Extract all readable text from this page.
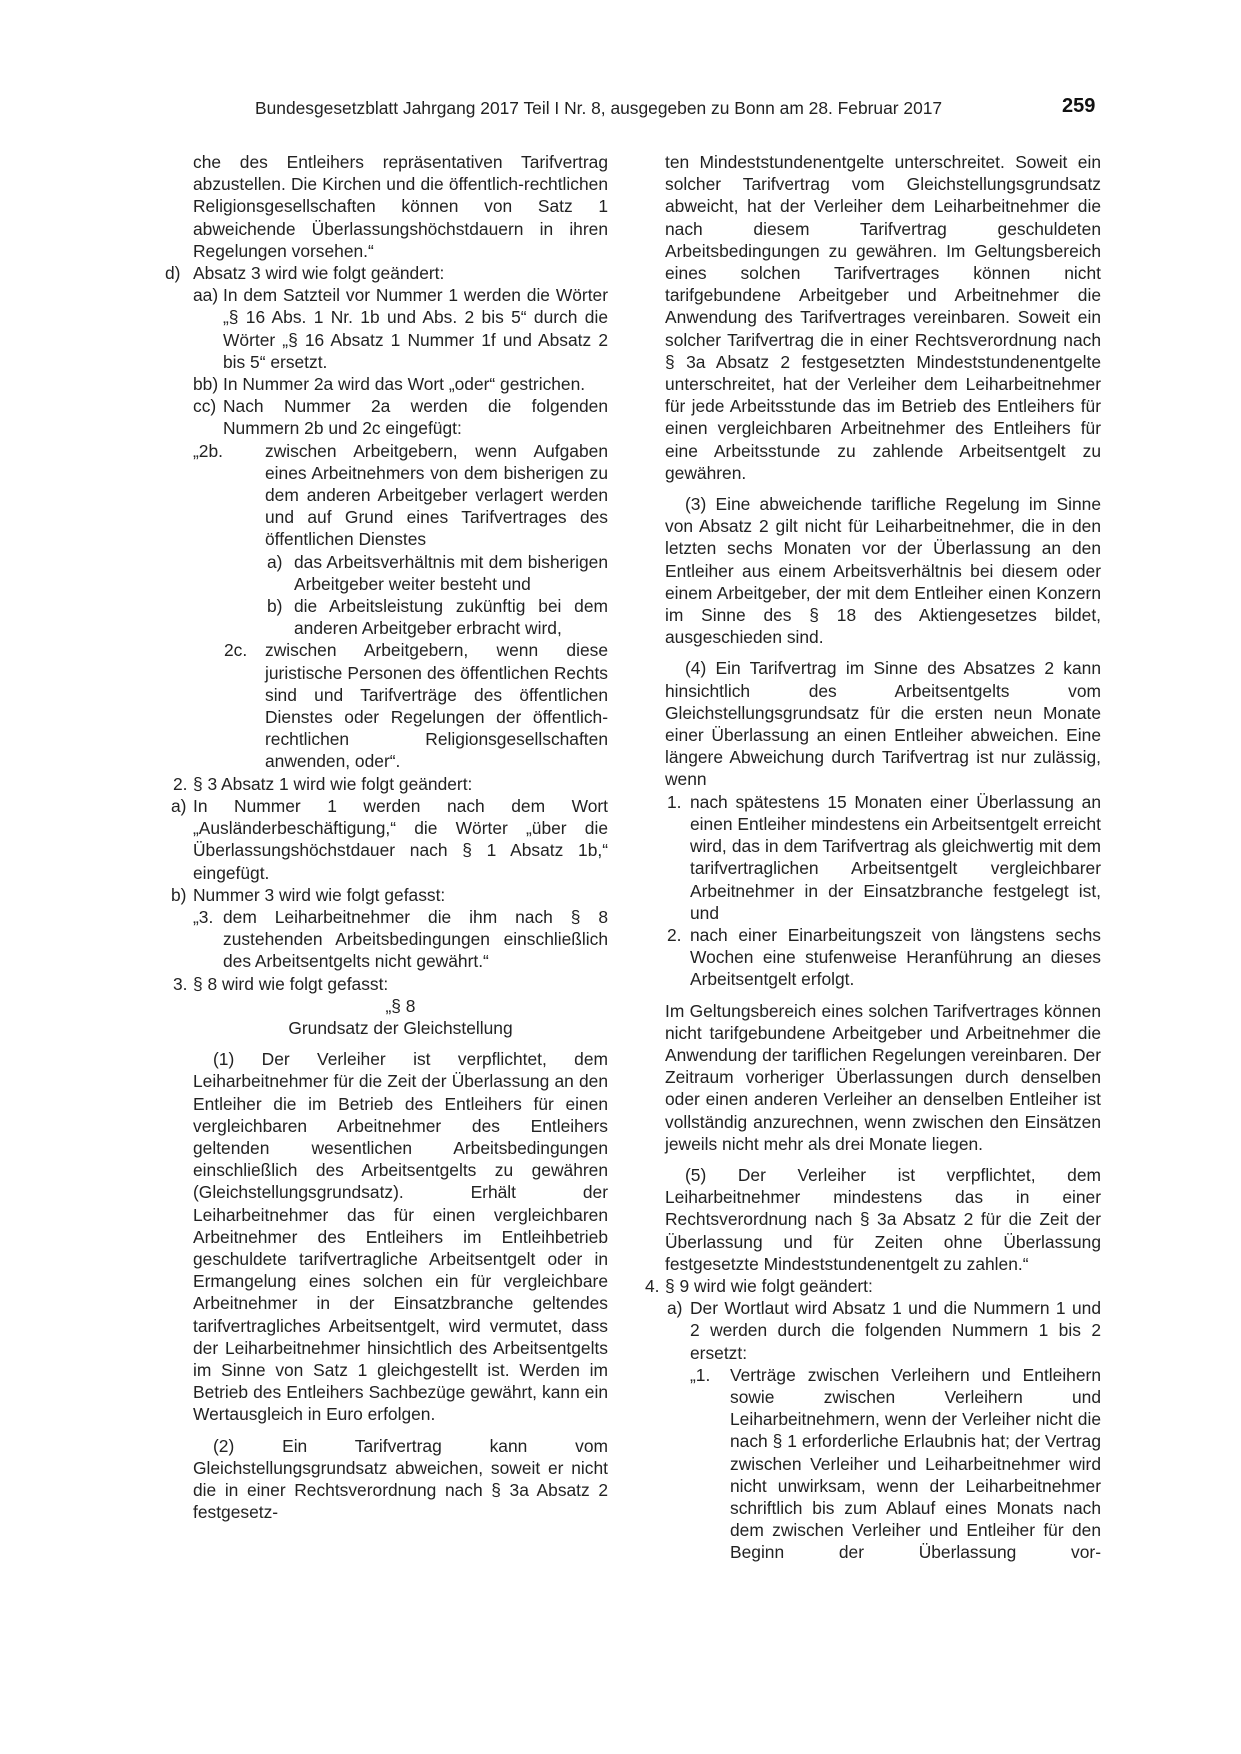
Bundesgesetzblatt Jahrgang 2017 Teil I Nr. 8, ausgegeben zu Bonn am 28. Februar 2017	259

che des Entleihers repräsentativen Tarifvertrag abzustellen. Die Kirchen und die öffentlich-rechtlichen Religionsgesellschaften können von Satz 1 abweichende Überlassungshöchstdauern in ihren Regelungen vorsehen.“

d) Absatz 3 wird wie folgt geändert:
aa) In dem Satzteil vor Nummer 1 werden die Wörter „§ 16 Abs. 1 Nr. 1b und Abs. 2 bis 5“ durch die Wörter „§ 16 Absatz 1 Nummer 1f und Absatz 2 bis 5“ ersetzt.
bb) In Nummer 2a wird das Wort „oder“ gestrichen.
cc) Nach Nummer 2a werden die folgenden Nummern 2b und 2c eingefügt:
„2b. zwischen Arbeitgebern, wenn Aufgaben eines Arbeitnehmers von dem bisherigen zu dem anderen Arbeitgeber verlagert werden und auf Grund eines Tarifvertrages des öffentlichen Dienstes
a) das Arbeitsverhältnis mit dem bisherigen Arbeitgeber weiter besteht und
b) die Arbeitsleistung zukünftig bei dem anderen Arbeitgeber erbracht wird,
2c. zwischen Arbeitgebern, wenn diese juristische Personen des öffentlichen Rechts sind und Tarifverträge des öffentlichen Dienstes oder Regelungen der öffentlich-rechtlichen Religionsgesellschaften anwenden, oder“.
2. § 3 Absatz 1 wird wie folgt geändert:
a) In Nummer 1 werden nach dem Wort „Ausländerbeschäftigung,“ die Wörter „über die Überlassungshöchstdauer nach § 1 Absatz 1b,“ eingefügt.
b) Nummer 3 wird wie folgt gefasst:
„3. dem Leiharbeitnehmer die ihm nach § 8 zustehenden Arbeitsbedingungen einschließlich des Arbeitsentgelts nicht gewährt.“
3. § 8 wird wie folgt gefasst:

„§ 8

Grundsatz der Gleichstellung

(1) Der Verleiher ist verpflichtet, dem Leiharbeitnehmer für die Zeit der Überlassung an den Entleiher die im Betrieb des Entleihers für einen vergleichbaren Arbeitnehmer des Entleihers geltenden wesentlichen Arbeitsbedingungen einschließlich des Arbeitsentgelts zu gewähren (Gleichstellungsgrundsatz). Erhält der Leiharbeitnehmer das für einen vergleichbaren Arbeitnehmer des Entleihers im Entleihbetrieb geschuldete tarifvertragliche Arbeitsentgelt oder in Ermangelung eines solchen ein für vergleichbare Arbeitnehmer in der Einsatzbranche geltendes tarifvertragliches Arbeitsentgelt, wird vermutet, dass der Leiharbeitnehmer hinsichtlich des Arbeitsentgelts im Sinne von Satz 1 gleichgestellt ist. Werden im Betrieb des Entleihers Sachbezüge gewährt, kann ein Wertausgleich in Euro erfolgen.

(2) Ein Tarifvertrag kann vom Gleichstellungsgrundsatz abweichen, soweit er nicht die in einer Rechtsverordnung nach § 3a Absatz 2 festgesetz-

ten Mindeststundenentgelte unterschreitet. Soweit ein solcher Tarifvertrag vom Gleichstellungsgrundsatz abweicht, hat der Verleiher dem Leiharbeitnehmer die nach diesem Tarifvertrag geschuldeten Arbeitsbedingungen zu gewähren. Im Geltungsbereich eines solchen Tarifvertrages können nicht tarifgebundene Arbeitgeber und Arbeitnehmer die Anwendung des Tarifvertrages vereinbaren. Soweit ein solcher Tarifvertrag die in einer Rechtsverordnung nach § 3a Absatz 2 festgesetzten Mindeststundenentgelte unterschreitet, hat der Verleiher dem Leiharbeitnehmer für jede Arbeitsstunde das im Betrieb des Entleihers für einen vergleichbaren Arbeitnehmer des Entleihers für eine Arbeitsstunde zu zahlende Arbeitsentgelt zu gewähren.

(3) Eine abweichende tarifliche Regelung im Sinne von Absatz 2 gilt nicht für Leiharbeitnehmer, die in den letzten sechs Monaten vor der Überlassung an den Entleiher aus einem Arbeitsverhältnis bei diesem oder einem Arbeitgeber, der mit dem Entleiher einen Konzern im Sinne des § 18 des Aktiengesetzes bildet, ausgeschieden sind.

(4) Ein Tarifvertrag im Sinne des Absatzes 2 kann hinsichtlich des Arbeitsentgelts vom Gleichstellungsgrundsatz für die ersten neun Monate einer Überlassung an einen Entleiher abweichen. Eine längere Abweichung durch Tarifvertrag ist nur zulässig, wenn

1. nach spätestens 15 Monaten einer Überlassung an einen Entleiher mindestens ein Arbeitsentgelt erreicht wird, das in dem Tarifvertrag als gleichwertig mit dem tarifvertraglichen Arbeitsentgelt vergleichbarer Arbeitnehmer in der Einsatzbranche festgelegt ist, und
2. nach einer Einarbeitungszeit von längstens sechs Wochen eine stufenweise Heranführung an dieses Arbeitsentgelt erfolgt.

Im Geltungsbereich eines solchen Tarifvertrages können nicht tarifgebundene Arbeitgeber und Arbeitnehmer die Anwendung der tariflichen Regelungen vereinbaren. Der Zeitraum vorheriger Überlassungen durch denselben oder einen anderen Verleiher an denselben Entleiher ist vollständig anzurechnen, wenn zwischen den Einsätzen jeweils nicht mehr als drei Monate liegen.

(5) Der Verleiher ist verpflichtet, dem Leiharbeitnehmer mindestens das in einer Rechtsverordnung nach § 3a Absatz 2 für die Zeit der Überlassung und für Zeiten ohne Überlassung festgesetzte Mindeststundenentgelt zu zahlen.“

4. § 9 wird wie folgt geändert:
a) Der Wortlaut wird Absatz 1 und die Nummern 1 und 2 werden durch die folgenden Nummern 1 bis 2 ersetzt:
„1. Verträge zwischen Verleihern und Entleihern sowie zwischen Verleihern und Leiharbeitnehmern, wenn der Verleiher nicht die nach § 1 erforderliche Erlaubnis hat; der Vertrag zwischen Verleiher und Leiharbeitnehmer wird nicht unwirksam, wenn der Leiharbeitnehmer schriftlich bis zum Ablauf eines Monats nach dem zwischen Verleiher und Entleiher für den Beginn der Überlassung vor-
